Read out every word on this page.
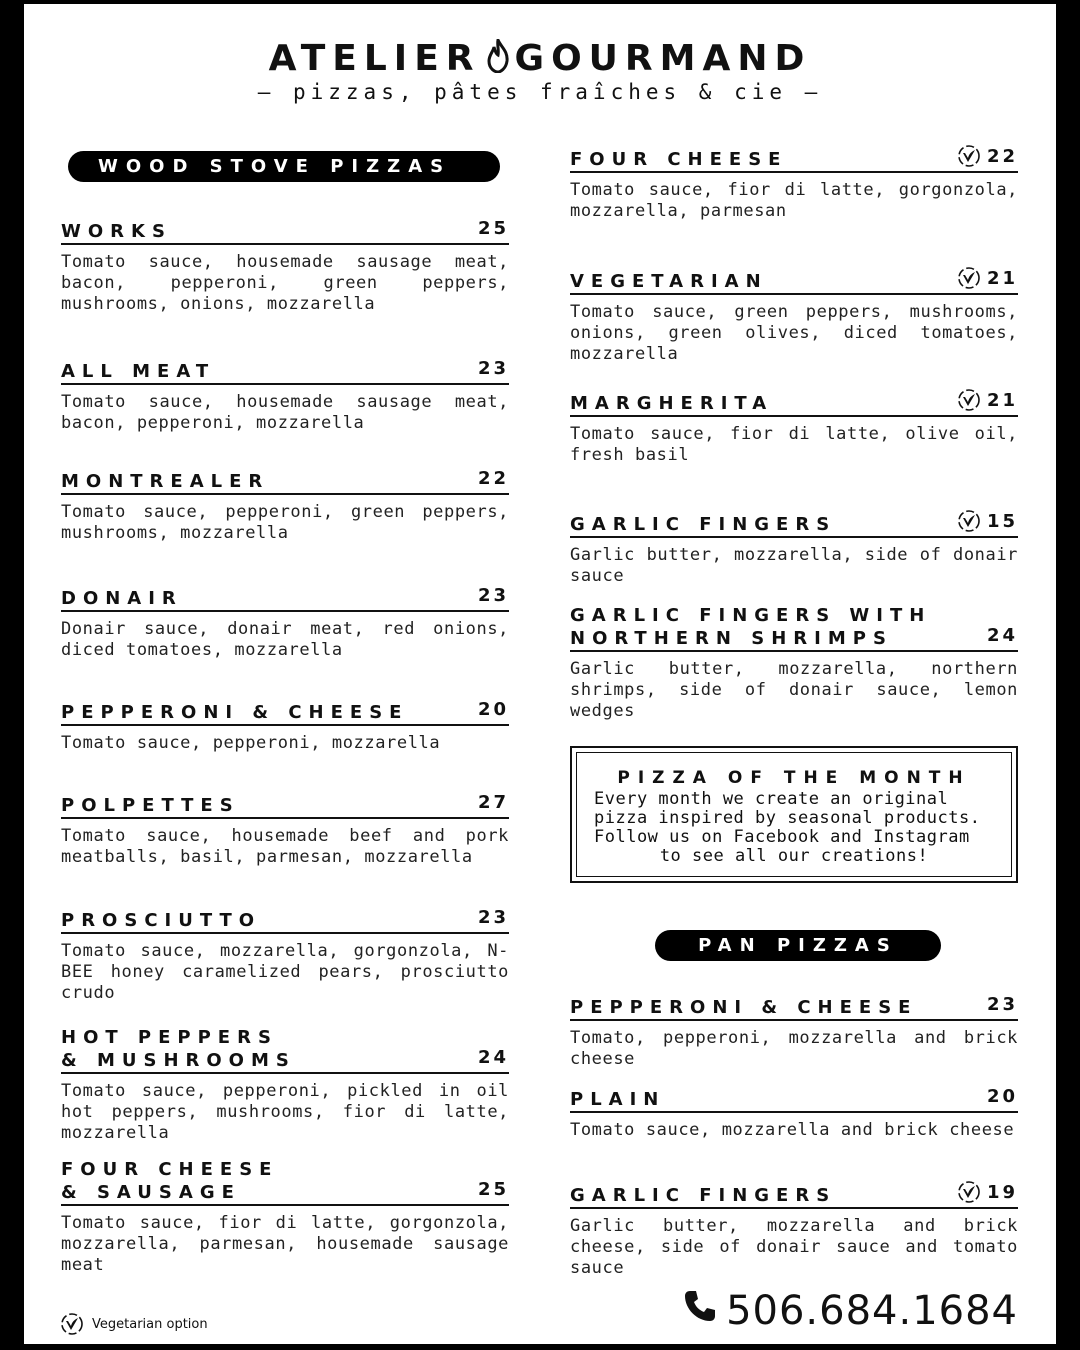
ATELIER GOURMAND
— pizzas, pâtes fraîches & cie —
WOOD STOVE PIZZAS
PAN PIZZAS
WORKS	25
Tomato sauce, housemade sausage meat, bacon, pepperoni, green peppers, mushrooms, onions, mozzarella
ALL MEAT	23
Tomato sauce, housemade sausage meat, bacon, pepperoni, mozzarella
MONTREALER	22
Tomato sauce, pepperoni, green peppers, mushrooms, mozzarella
DONAIR	23
Donair sauce, donair meat, red onions, diced tomatoes, mozzarella
PEPPERONI & CHEESE	20
Tomato sauce, pepperoni, mozzarella
POLPETTES	27
Tomato sauce, housemade beef and pork meatballs, basil, parmesan, mozzarella
PROSCIUTTO	23
Tomato sauce, mozzarella, gorgonzola, N-BEE honey caramelized pears, prosciutto crudo
HOT PEPPERS
& MUSHROOMS	24
Tomato sauce, pepperoni, pickled in oil hot peppers, mushrooms, fior di latte, mozzarella
FOUR CHEESE
& SAUSAGE	25
Tomato sauce, fior di latte, gorgonzola, mozzarella, parmesan, housemade sausage meat
FOUR CHEESE	22
Tomato sauce, fior di latte, gorgonzola, mozzarella, parmesan
VEGETARIAN	21
Tomato sauce, green peppers, mushrooms, onions, green olives, diced tomatoes, mozzarella
MARGHERITA	21
Tomato sauce, fior di latte, olive oil, fresh basil
GARLIC FINGERS	15
Garlic butter, mozzarella, side of donair sauce
GARLIC FINGERS WITH
NORTHERN SHRIMPS	24
Garlic butter, mozzarella, northern shrimps, side of donair sauce, lemon wedges
PEPPERONI & CHEESE	23
Tomato, pepperoni, mozzarella and brick cheese
PLAIN	20
Tomato sauce, mozzarella and brick cheese
GARLIC FINGERS	19
Garlic butter, mozzarella and brick cheese, side of donair sauce and tomato sauce
PIZZA OF THE MONTH
Every month we create an original
pizza inspired by seasonal products.
Follow us on Facebook and Instagram
to see all our creations!
Vegetarian option	506.684.1684
